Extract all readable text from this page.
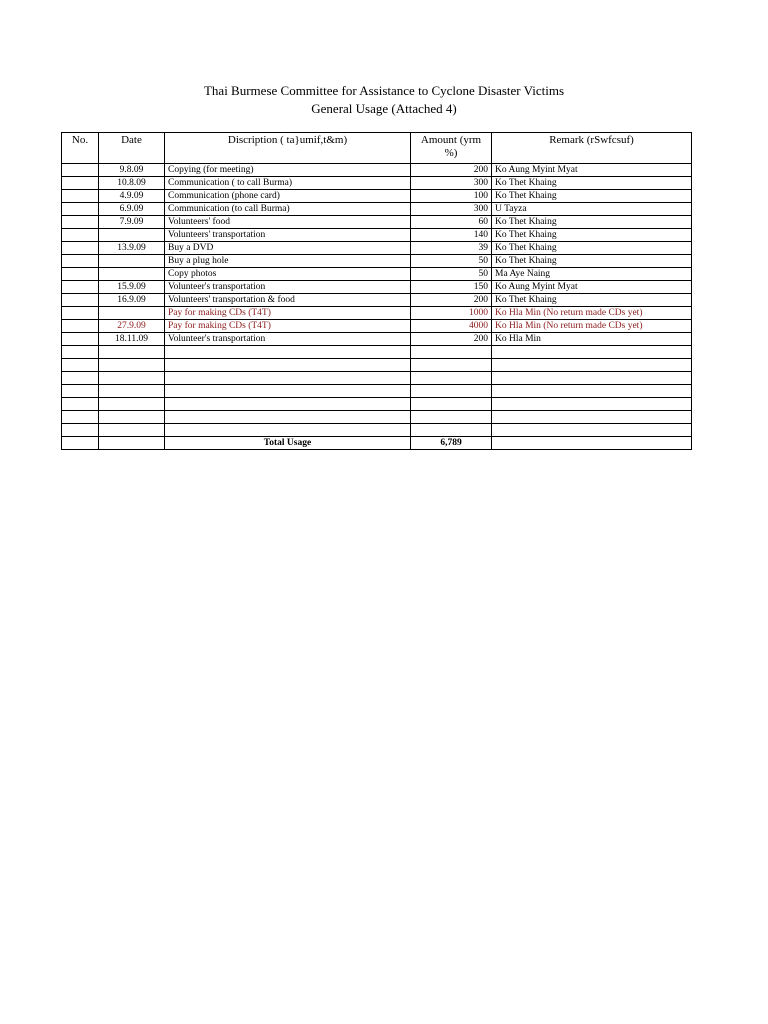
Thai Burmese Committee for Assistance to Cyclone Disaster Victims
General Usage (Attached 4)
No.	Date	Discription ( ta}umif,t&m)	Amount (yrm %)	Remark (rSwfcsuf)
	9.8.09	Copying (for meeting)	200	Ko Aung Myint Myat
	10.8.09	Communication ( to call Burma)	300	Ko Thet Khaing
	4.9.09	Communication (phone card)	100	Ko Thet Khaing
	6.9.09	Communication (to call Burma)	300	U Tayza
	7.9.09	Volunteers' food	60	Ko Thet Khaing
		Volunteers' transportation	140	Ko Thet Khaing
	13.9.09	Buy a DVD	39	Ko Thet Khaing
		Buy a plug hole	50	Ko Thet Khaing
		Copy photos	50	Ma Aye Naing
	15.9.09	Volunteer's transportation	150	Ko Aung Myint Myat
	16.9.09	Volunteers' transportation & food	200	Ko Thet Khaing
		Pay for making CDs (T4T)	1000	Ko Hla Min (No return made CDs yet)
	27.9.09	Pay for making CDs (T4T)	4000	Ko Hla Min (No return made CDs yet)
	18.11.09	Volunteer's transportation	200	Ko Hla Min

		Total Usage	6,789	
